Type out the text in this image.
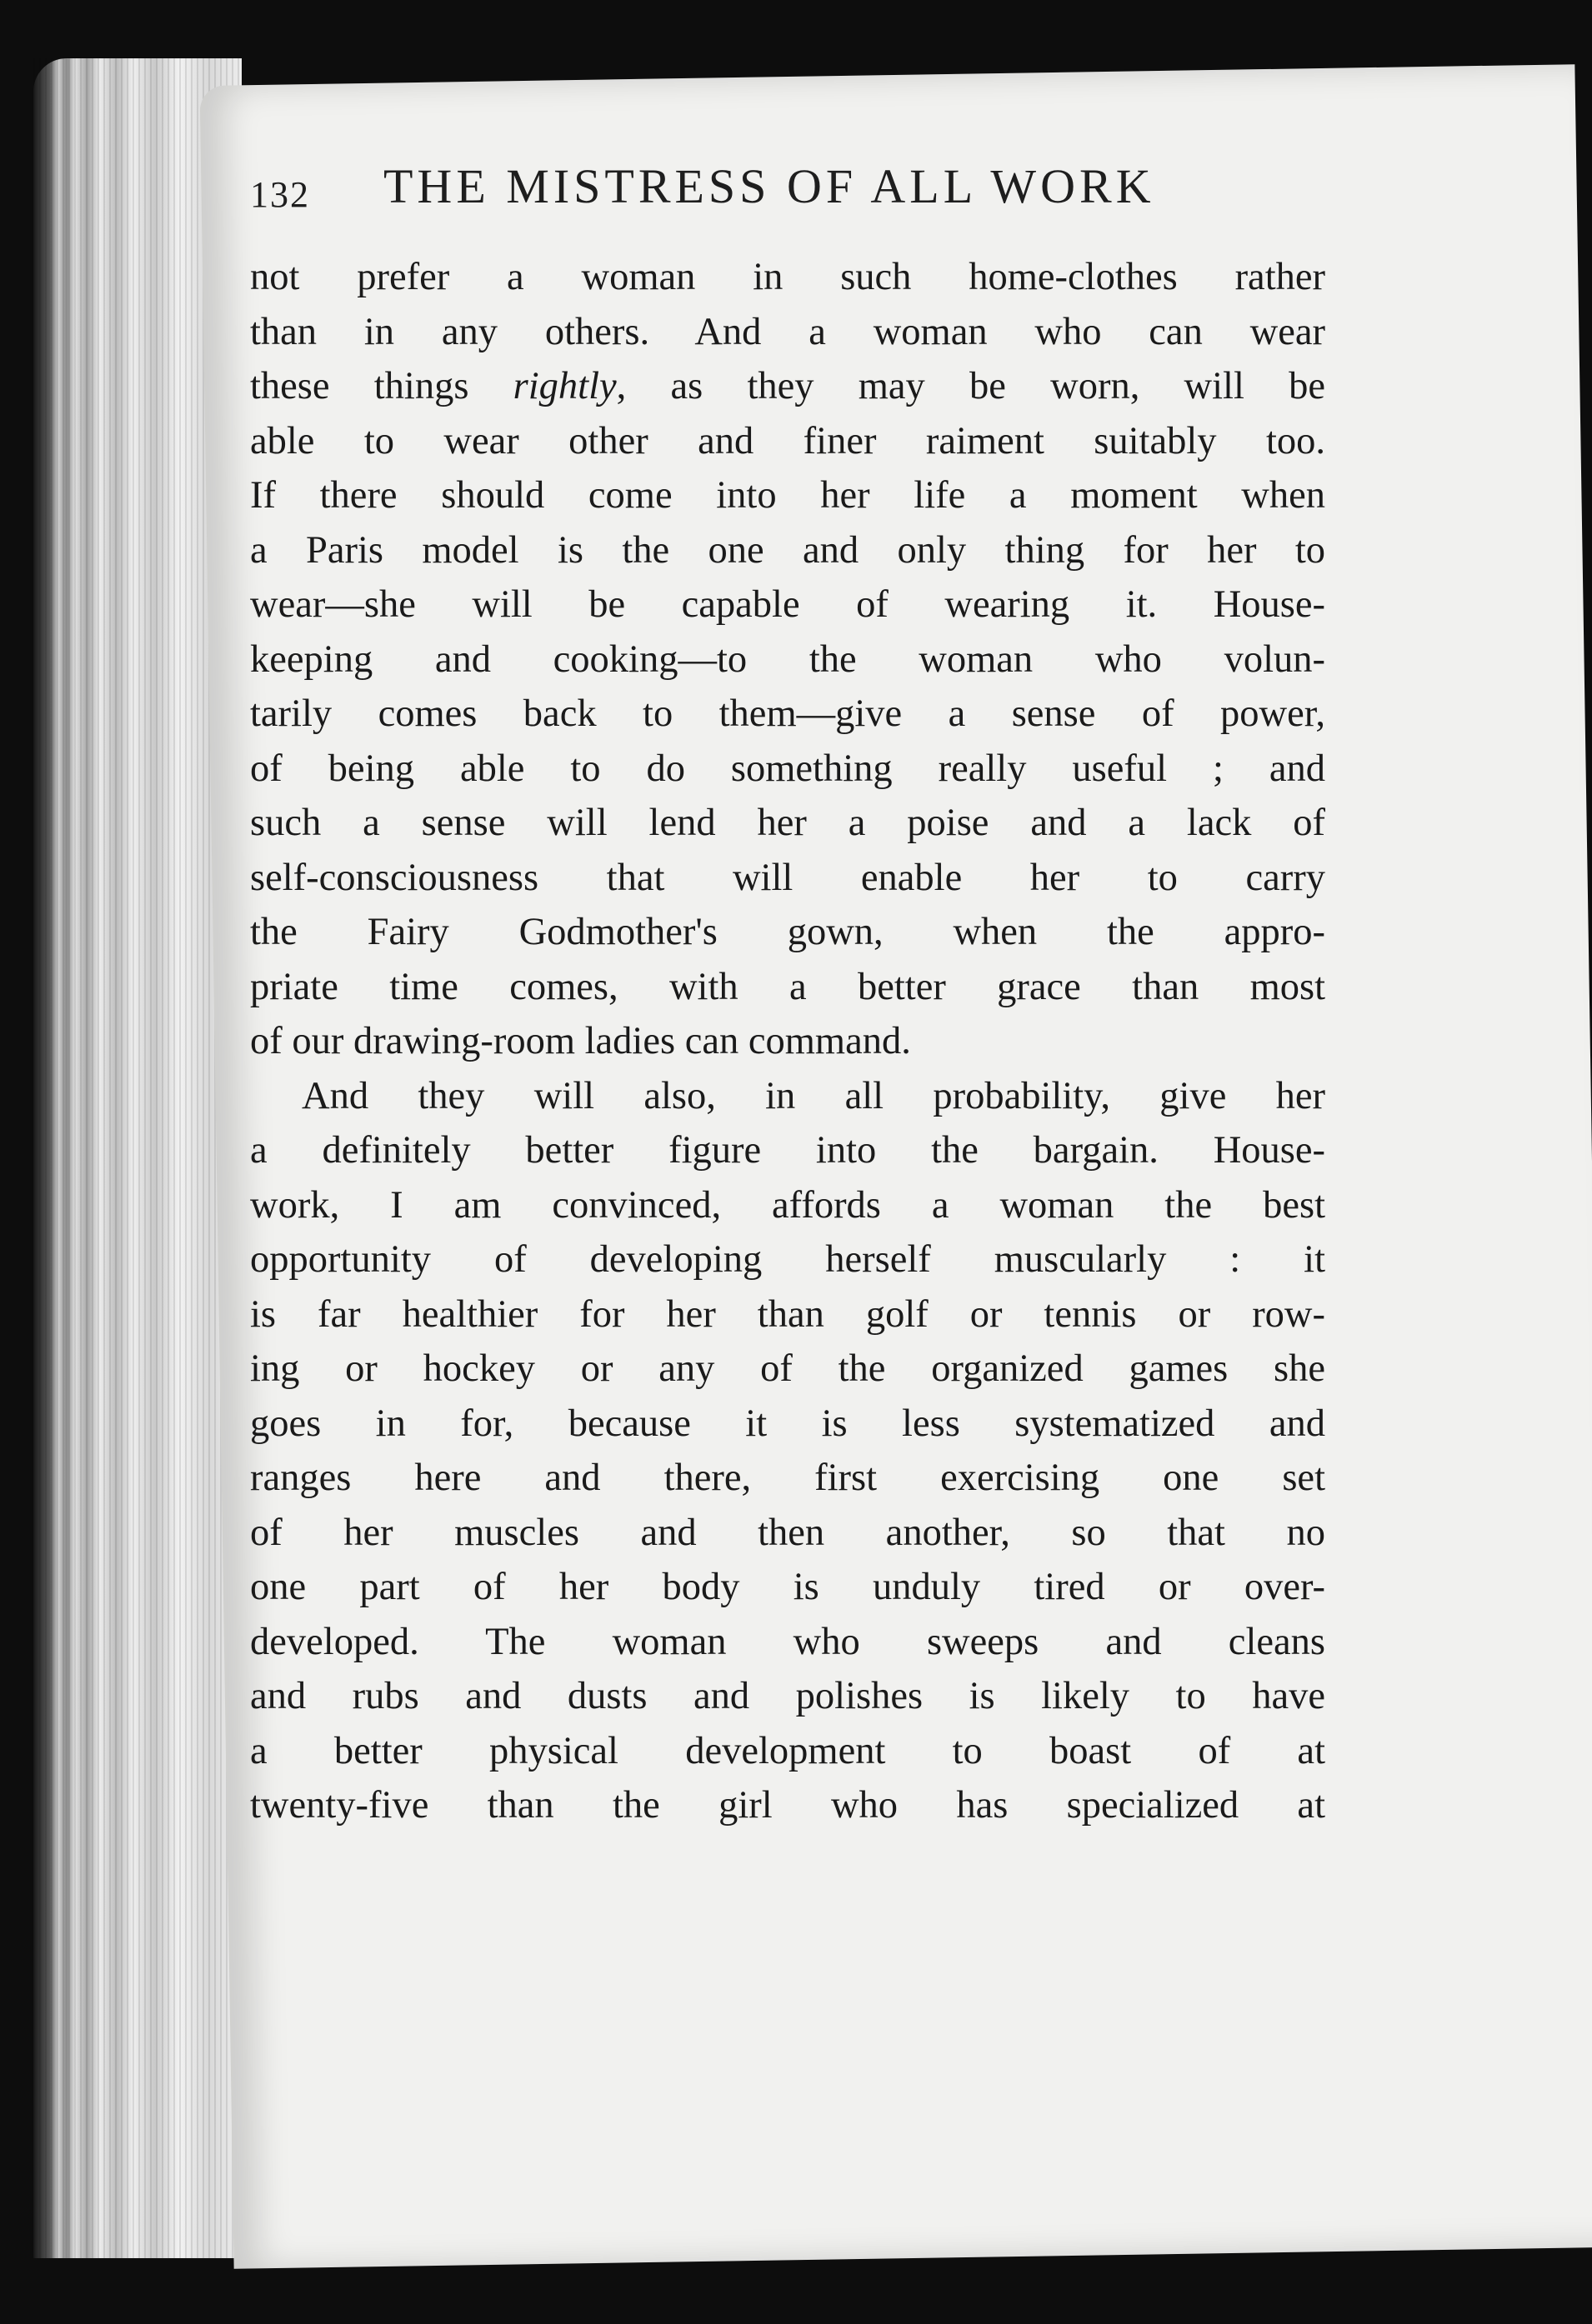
132 THE MISTRESS OF ALL WORK
not prefer a woman in such home-clothes rather
than in any others. And a woman who can wear
these things rightly, as they may be worn, will be
able to wear other and finer raiment suitably too.
If there should come into her life a moment when
a Paris model is the one and only thing for her to
wear—she will be capable of wearing it. House-
keeping and cooking—to the woman who volun-
tarily comes back to them—give a sense of power,
of being able to do something really useful ; and
such a sense will lend her a poise and a lack of
self-consciousness that will enable her to carry
the Fairy Godmother's gown, when the appro-
priate time comes, with a better grace than most
of our drawing-room ladies can command.
And they will also, in all probability, give her
a definitely better figure into the bargain. House-
work, I am convinced, affords a woman the best
opportunity of developing herself muscularly : it
is far healthier for her than golf or tennis or row-
ing or hockey or any of the organized games she
goes in for, because it is less systematized and
ranges here and there, first exercising one set
of her muscles and then another, so that no
one part of her body is unduly tired or over-
developed. The woman who sweeps and cleans
and rubs and dusts and polishes is likely to have
a better physical development to boast of at
twenty-five than the girl who has specialized at
